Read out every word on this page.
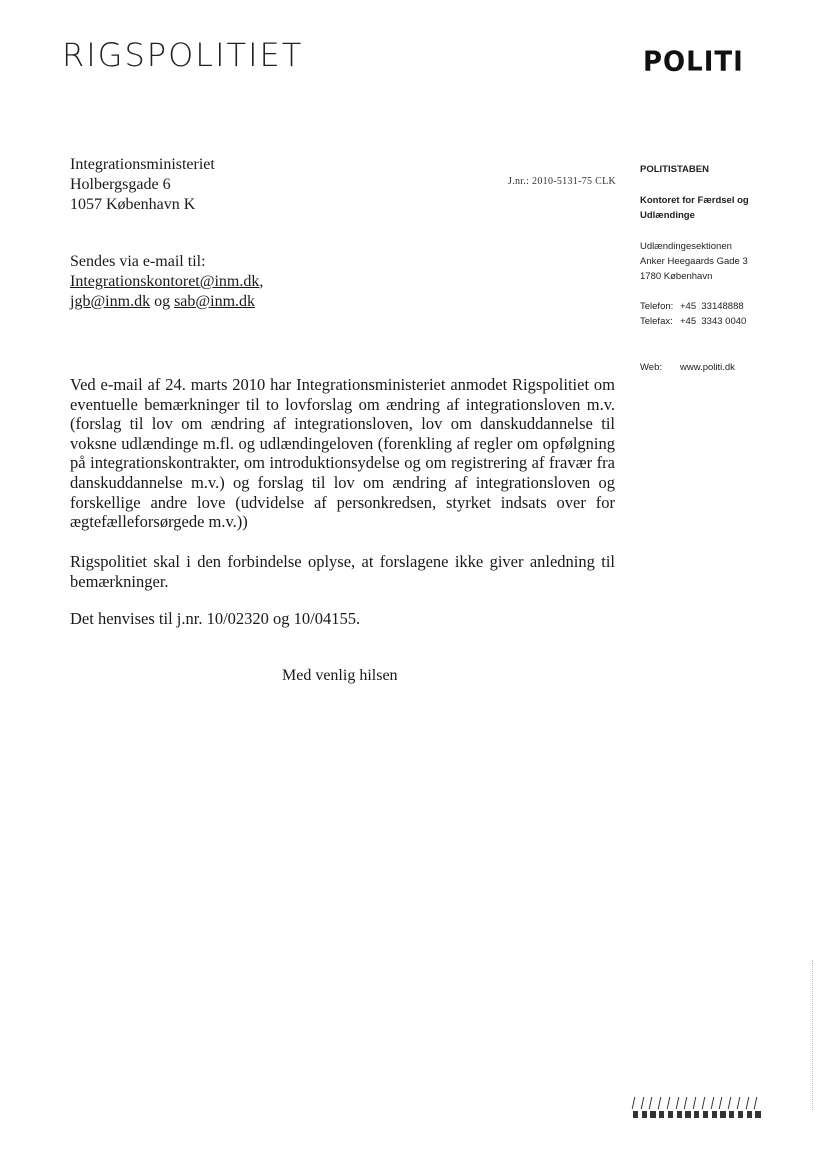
RIGSPOLITIET	POLITI
Integrationsministeriet
Holbergsgade 6
1057 København K
J.nr.: 2010-5131-75 CLK
Sendes via e-mail til:
Integrationskontoret@inm.dk,
jgb@inm.dk og sab@inm.dk
POLITISTABEN
Kontoret for Færdsel og
Udlændinge
Udlændingesektionen
Anker Heegaards Gade 3
1780 København
Telefon: +45  33148888
Telefax: +45  3343 0040
Web: www.politi.dk
Ved e-mail af 24. marts 2010 har Integrationsministeriet anmodet Rigspolitiet om eventuelle bemærkninger til to lovforslag om ændring af integrationsloven m.v. (forslag til lov om ændring af integrationsloven, lov om danskuddannelse til voksne udlændinge m.fl. og udlændingeloven (forenkling af regler om opfølgning på integrationskontrakter, om introduktionsydelse og om registrering af fravær fra danskuddannelse m.v.) og forslag til lov om ændring af integrationsloven og forskellige andre love (udvidelse af personkredsen, styrket indsats over for ægtefælleforsørgede m.v.))
Rigspolitiet skal i den forbindelse oplyse, at forslagene ikke giver anledning til bemærkninger.
Det henvises til j.nr. 10/02320 og 10/04155.
Med venlig hilsen
